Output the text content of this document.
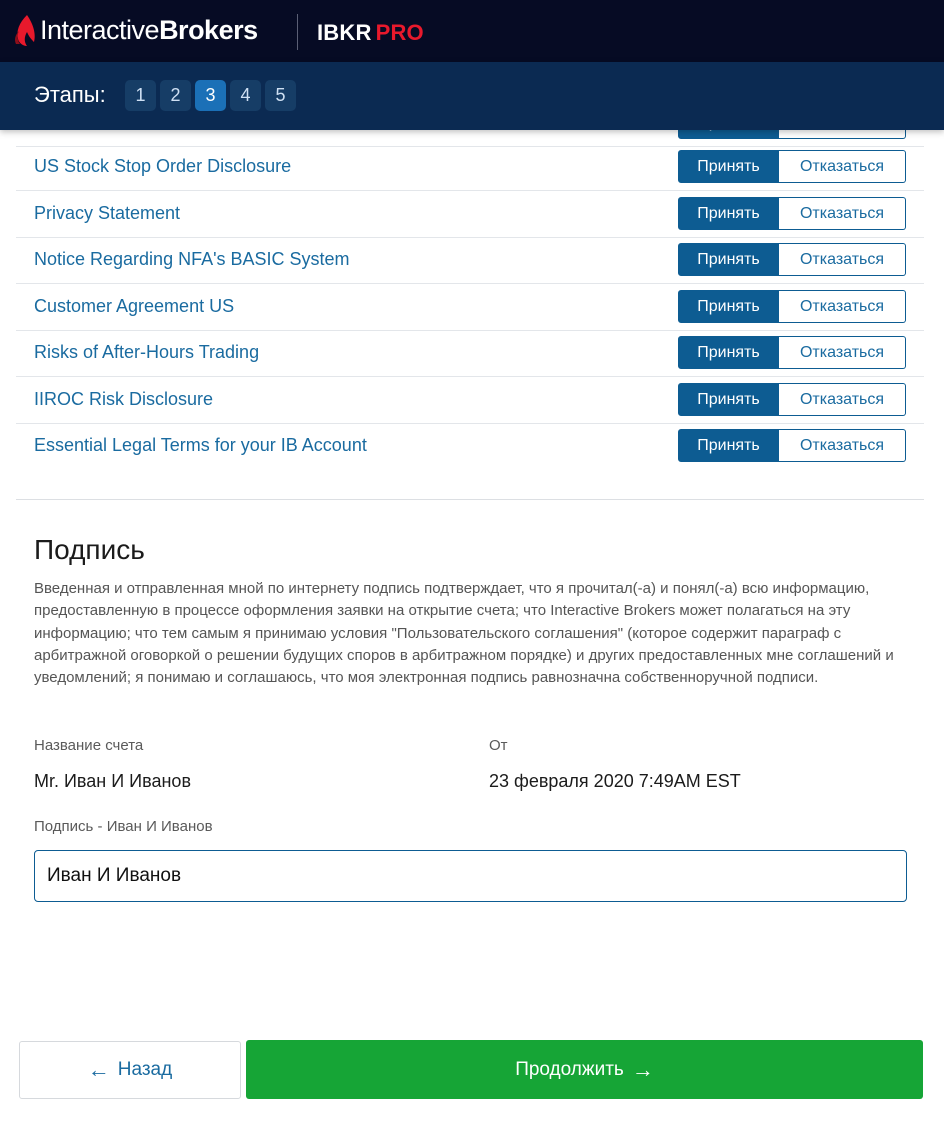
InteractiveBrokers	IBKR PRO
Этапы:	1	2	3	4	5
US Stock Stop Order Disclosure	Принять	Отказаться
Privacy Statement	Принять	Отказаться
Notice Regarding NFA's BASIC System	Принять	Отказаться
Customer Agreement US	Принять	Отказаться
Risks of After-Hours Trading	Принять	Отказаться
IIROC Risk Disclosure	Принять	Отказаться
Essential Legal Terms for your IB Account	Принять	Отказаться
Подпись
Введенная и отправленная мной по интернету подпись подтверждает, что я прочитал(-а) и понял(-а) всю информацию, предоставленную в процессе оформления заявки на открытие счета; что Interactive Brokers может полагаться на эту информацию; что тем самым я принимаю условия "Пользовательского соглашения" (которое содержит параграф с арбитражной оговоркой о решении будущих споров в арбитражном порядке) и других предоставленных мне соглашений и уведомлений; я понимаю и соглашаюсь, что моя электронная подпись равнозначна собственноручной подписи.
Название счета	От
Mr. Иван И Иванов	23 февраля 2020 7:49AM EST
Подпись - Иван И Иванов
Иван И Иванов
← Назад	Продолжить →
